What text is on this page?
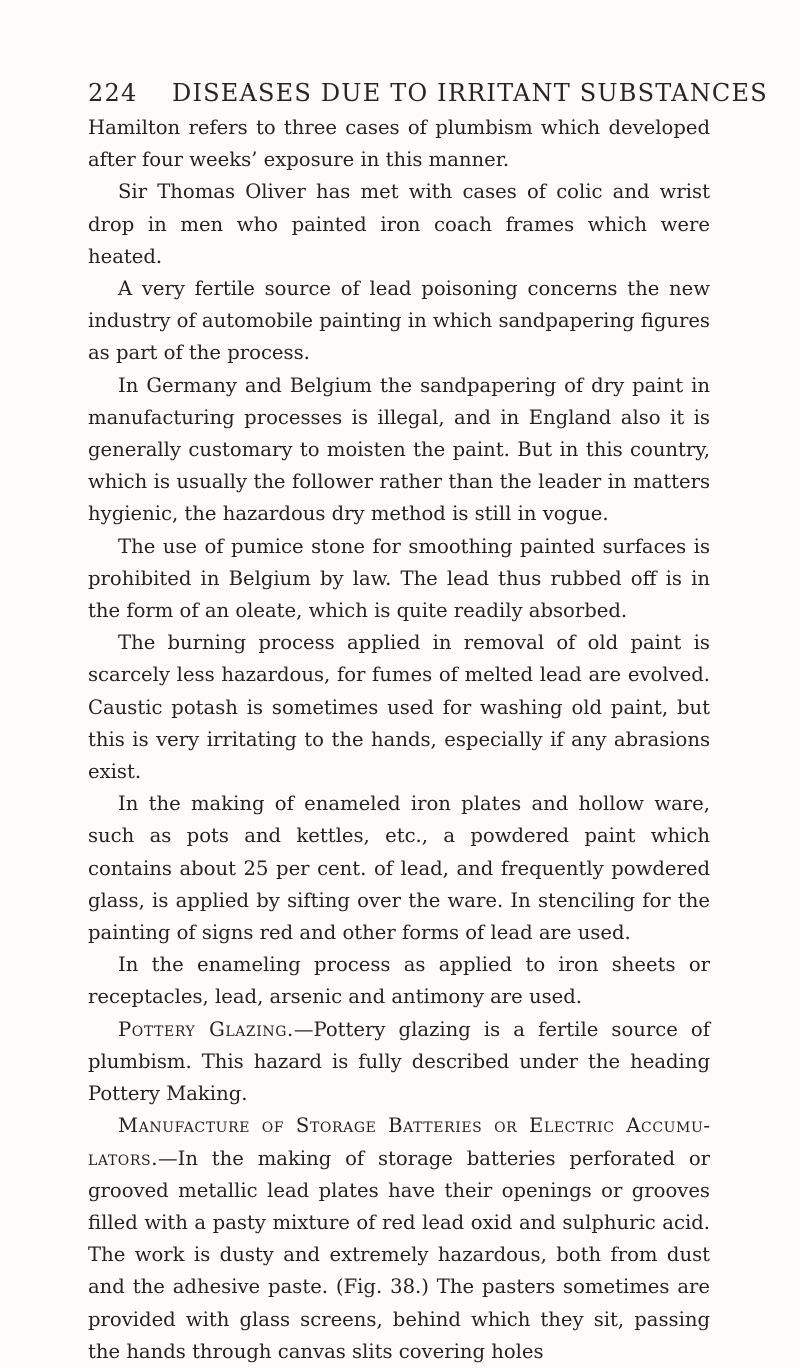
224 DISEASES DUE TO IRRITANT SUBSTANCES

Hamilton refers to three cases of plumbism which developed after four weeks’ exposure in this manner.

Sir Thomas Oliver has met with cases of colic and wrist drop in men who painted iron coach frames which were heated.

A very fertile source of lead poisoning concerns the new industry of automobile painting in which sandpapering figures as part of the process.

In Germany and Belgium the sandpapering of dry paint in manufacturing processes is illegal, and in England also it is generally customary to moisten the paint. But in this country, which is usually the follower rather than the leader in matters hygienic, the hazardous dry method is still in vogue.

The use of pumice stone for smoothing painted surfaces is prohibited in Belgium by law. The lead thus rubbed off is in the form of an oleate, which is quite readily absorbed.

The burning process applied in removal of old paint is scarcely less hazardous, for fumes of melted lead are evolved. Caustic potash is sometimes used for washing old paint, but this is very irritating to the hands, especially if any abrasions exist.

In the making of enameled iron plates and hollow ware, such as pots and kettles, etc., a powdered paint which contains about 25 per cent. of lead, and frequently powdered glass, is applied by sifting over the ware. In stenciling for the painting of signs red and other forms of lead are used.

In the enameling process as applied to iron sheets or receptacles, lead, arsenic and antimony are used.

Pottery Glazing.—Pottery glazing is a fertile source of plumbism. This hazard is fully described under the heading Pottery Making.

Manufacture of Storage Batteries or Electric Accumulators.—In the making of storage batteries perforated or grooved metallic lead plates have their openings or grooves filled with a pasty mixture of red lead oxid and sulphuric acid. The work is dusty and extremely hazardous, both from dust and the adhesive paste. (Fig. 38.) The pasters sometimes are provided with glass screens, behind which they sit, passing the hands through canvas slits covering holes
